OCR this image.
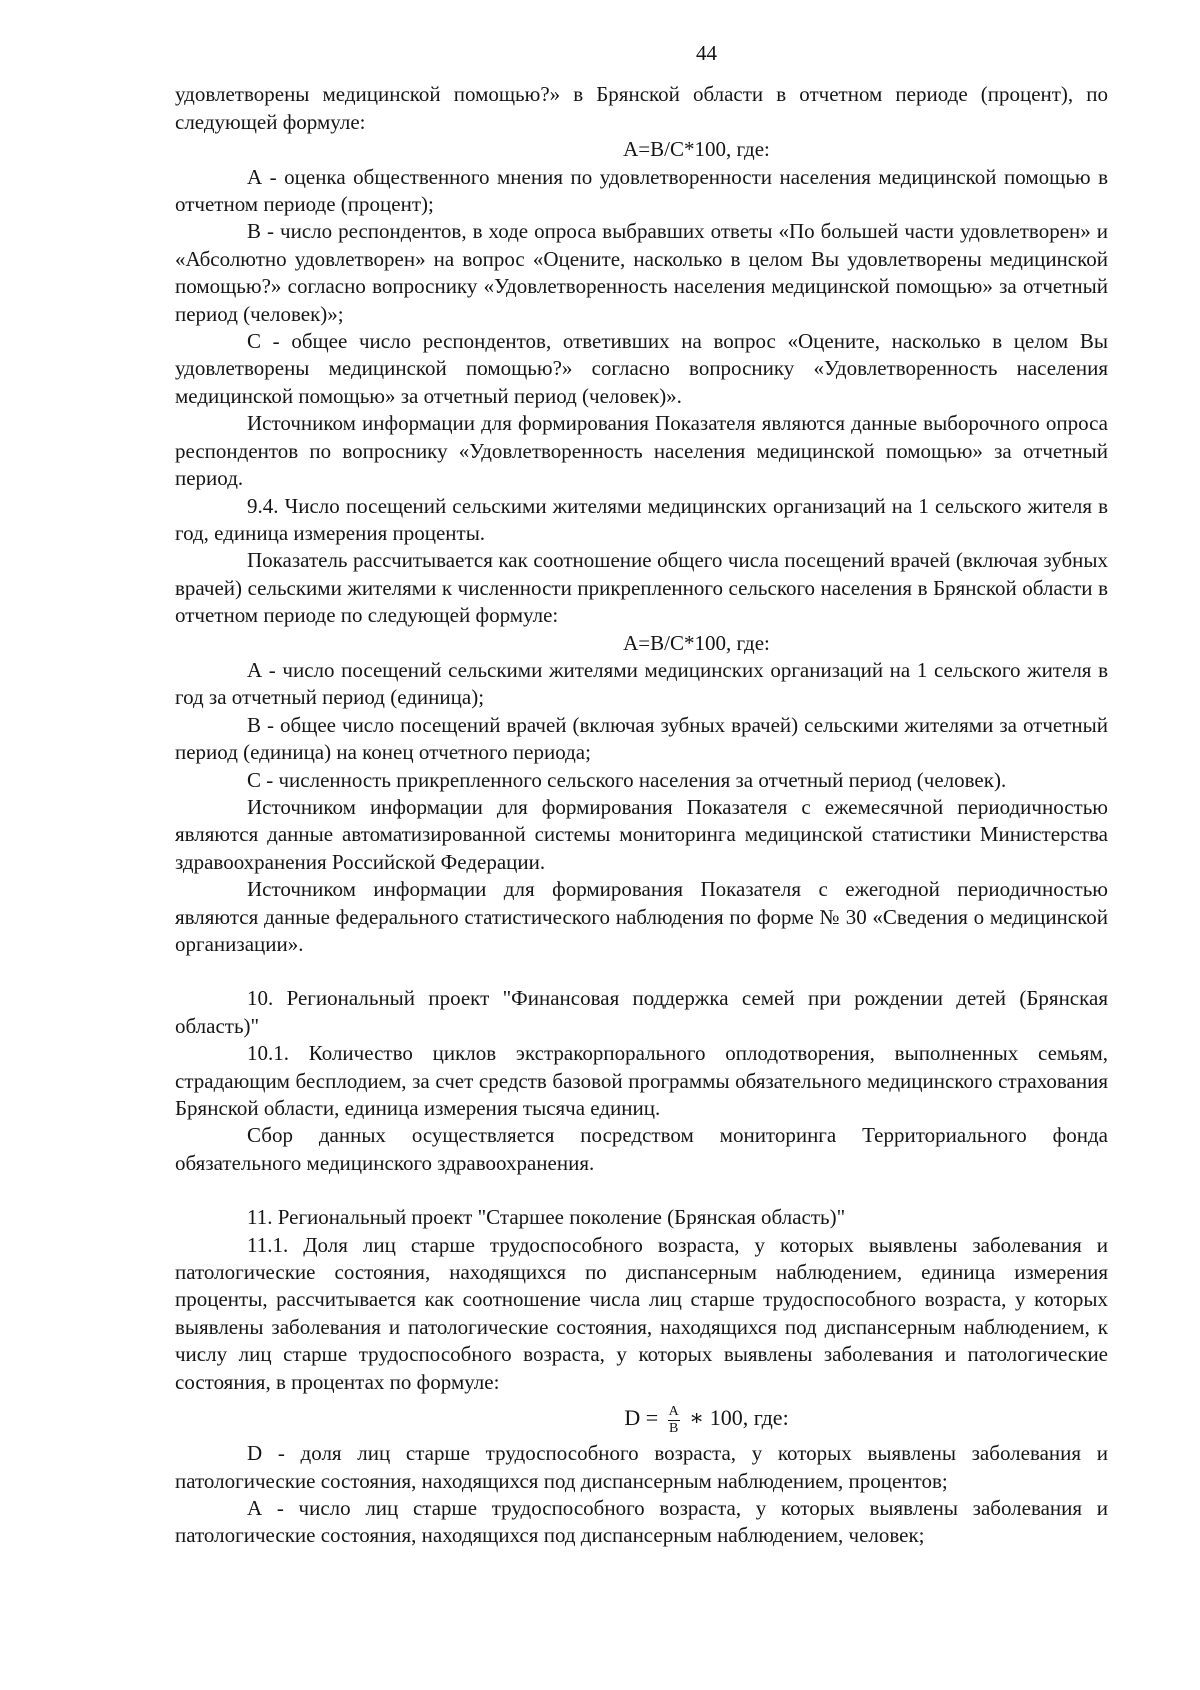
44

удовлетворены медицинской помощью?» в Брянской области в отчетном периоде (процент), по следующей формуле:

A=B/C*100, где:

А - оценка общественного мнения по удовлетворенности населения медицинской помощью в отчетном периоде (процент);

В - число респондентов, в ходе опроса выбравших ответы «По большей части удовлетворен» и «Абсолютно удовлетворен» на вопрос «Оцените, насколько в целом Вы удовлетворены медицинской помощью?» согласно вопроснику «Удовлетворенность населения медицинской помощью» за отчетный период (человек)»;

С - общее число респондентов, ответивших на вопрос «Оцените, насколько в целом Вы удовлетворены медицинской помощью?» согласно вопроснику «Удовлетворенность населения медицинской помощью» за отчетный период (человек)».

Источником информации для формирования Показателя являются данные выборочного опроса респондентов по вопроснику «Удовлетворенность населения медицинской помощью» за отчетный период.

9.4. Число посещений сельскими жителями медицинских организаций на 1 сельского жителя в год, единица измерения проценты.

Показатель рассчитывается как соотношение общего числа посещений врачей (включая зубных врачей) сельскими жителями к численности прикрепленного сельского населения в Брянской области в отчетном периоде по следующей формуле:

A=B/C*100, где:

А - число посещений сельскими жителями медицинских организаций на 1 сельского жителя в год за отчетный период (единица);

В - общее число посещений врачей (включая зубных врачей) сельскими жителями за отчетный период (единица) на конец отчетного периода;

С - численность прикрепленного сельского населения за отчетный период (человек).

Источником информации для формирования Показателя с ежемесячной периодичностью являются данные автоматизированной системы мониторинга медицинской статистики Министерства здравоохранения Российской Федерации.

Источником информации для формирования Показателя с ежегодной периодичностью являются данные федерального статистического наблюдения по форме № 30 «Сведения о медицинской организации».

10. Региональный проект "Финансовая поддержка семей при рождении детей (Брянская область)"

10.1. Количество циклов экстракорпорального оплодотворения, выполненных семьям, страдающим бесплодием, за счет средств базовой программы обязательного медицинского страхования Брянской области, единица измерения тысяча единиц.

Сбор данных осуществляется посредством мониторинга Территориального фонда обязательного медицинского здравоохранения.

11. Региональный проект "Старшее поколение (Брянская область)"

11.1. Доля лиц старше трудоспособного возраста, у которых выявлены заболевания и патологические состояния, находящихся по диспансерным наблюдением, единица измерения проценты, рассчитывается как соотношение числа лиц старше трудоспособного возраста, у которых выявлены заболевания и патологические состояния, находящихся под диспансерным наблюдением, к числу лиц старше трудоспособного возраста, у которых выявлены заболевания и патологические состояния, в процентах по формуле:

$D = \frac{A}{B}$ ∗ 100, где:

D - доля лиц старше трудоспособного возраста, у которых выявлены заболевания и патологические состояния, находящихся под диспансерным наблюдением, процентов;

А - число лиц старше трудоспособного возраста, у которых выявлены заболевания и патологические состояния, находящихся под диспансерным наблюдением, человек;
